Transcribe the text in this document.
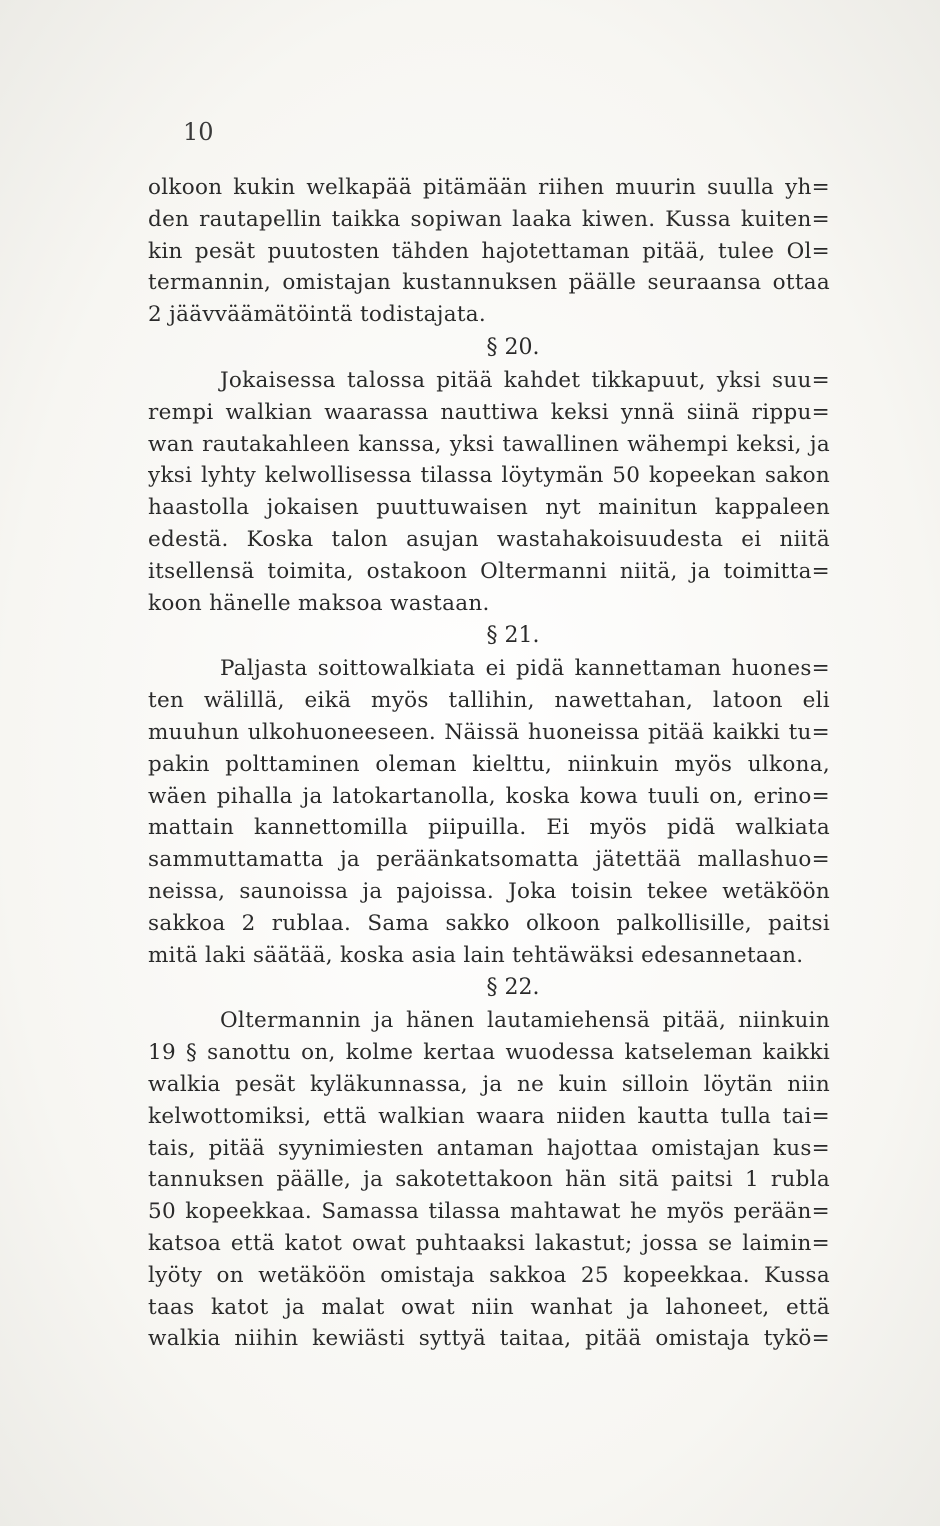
10
olkoon kukin welkapää pitämään riihen muurin suulla yh=
den rautapellin taikka sopiwan laaka kiwen. Kussa kuiten=
kin pesät puutosten tähden hajotettaman pitää, tulee Ol=
termannin, omistajan kustannuksen päälle seuraansa ottaa
2 jäävväämätöintä todistajata.
§ 20.
Jokaisessa talossa pitää kahdet tikkapuut, yksi suu=
rempi walkian waarassa nauttiwa keksi ynnä siinä rippu=
wan rautakahleen kanssa, yksi tawallinen wähempi keksi, ja
yksi lyhty kelwollisessa tilassa löytymän 50 kopeekan sakon
haastolla jokaisen puuttuwaisen nyt mainitun kappaleen
edestä. Koska talon asujan wastahakoisuudesta ei niitä
itsellensä toimita, ostakoon Oltermanni niitä, ja toimitta=
koon hänelle maksoa wastaan.
§ 21.
Paljasta soittowalkiata ei pidä kannettaman huones=
ten wälillä, eikä myös tallihin, nawettahan, latoon eli
muuhun ulkohuoneeseen. Näissä huoneissa pitää kaikki tu=
pakin polttaminen oleman kielttu, niinkuin myös ulkona,
wäen pihalla ja latokartanolla, koska kowa tuuli on, erino=
mattain kannettomilla piipuilla. Ei myös pidä walkiata
sammuttamatta ja peräänkatsomatta jätettää mallashuo=
neissa, saunoissa ja pajoissa. Joka toisin tekee wetäköön
sakkoa 2 rublaa. Sama sakko olkoon palkollisille, paitsi
mitä laki säätää, koska asia lain tehtäwäksi edesannetaan.
§ 22.
Oltermannin ja hänen lautamiehensä pitää, niinkuin
19 § sanottu on, kolme kertaa wuodessa katseleman kaikki
walkia pesät kyläkunnassa, ja ne kuin silloin löytän niin
kelwottomiksi, että walkian waara niiden kautta tulla tai=
tais, pitää syynimiesten antaman hajottaa omistajan kus=
tannuksen päälle, ja sakotettakoon hän sitä paitsi 1 rubla
50 kopeekkaa. Samassa tilassa mahtawat he myös perään=
katsoa että katot owat puhtaaksi lakastut; jossa se laimin=
lyöty on wetäköön omistaja sakkoa 25 kopeekkaa. Kussa
taas katot ja malat owat niin wanhat ja lahoneet, että
walkia niihin kewiästi syttyä taitaa, pitää omistaja tykö=
